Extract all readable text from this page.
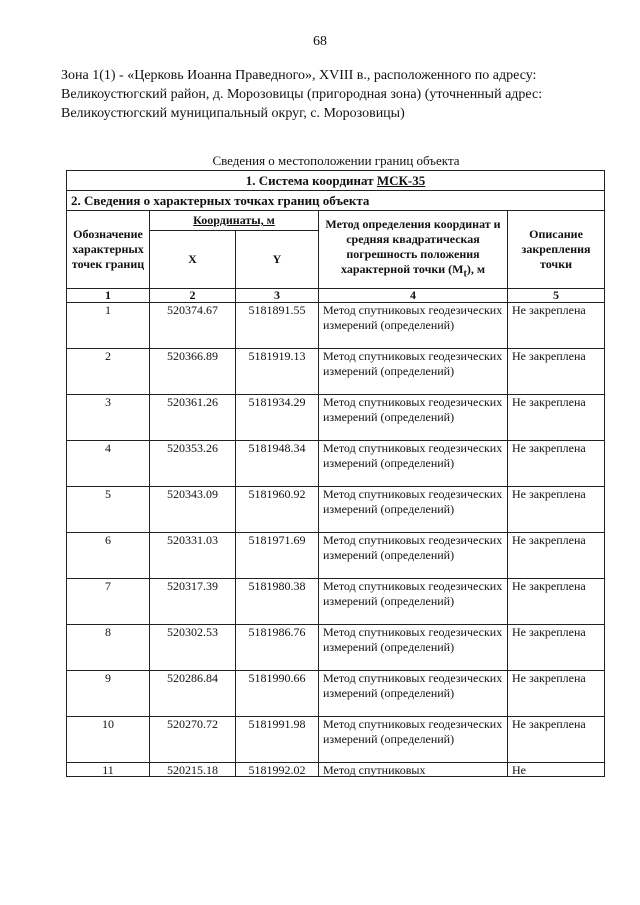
68
Зона 1(1) - «Церковь Иоанна Праведного», XVIII в., расположенного по адресу: Великоустюгский район, д. Морозовицы (пригородная зона) (уточненный адрес: Великоустюгский муниципальный округ, с. Морозовицы)
Сведения о местоположении границ объекта
1. Система координат МСК-35				
2. Сведения о характерных точках границ объекта				
Обозначение характерных точек границ	Координаты, м		Метод определения координат и средняя квадратическая погрешность положения характерной точки $(M_t)$, м	Описание закрепления точки
	X	Y		
1	2	3	4	5
1	520374.67	5181891.55	Метод спутниковых геодезических измерений (определений)	Не закреплена
2	520366.89	5181919.13	Метод спутниковых геодезических измерений (определений)	Не закреплена
3	520361.26	5181934.29	Метод спутниковых геодезических измерений (определений)	Не закреплена
4	520353.26	5181948.34	Метод спутниковых геодезических измерений (определений)	Не закреплена
5	520343.09	5181960.92	Метод спутниковых геодезических измерений (определений)	Не закреплена
6	520331.03	5181971.69	Метод спутниковых геодезических измерений (определений)	Не закреплена
7	520317.39	5181980.38	Метод спутниковых геодезических измерений (определений)	Не закреплена
8	520302.53	5181986.76	Метод спутниковых геодезических измерений (определений)	Не закреплена
9	520286.84	5181990.66	Метод спутниковых геодезических измерений (определений)	Не закреплена
10	520270.72	5181991.98	Метод спутниковых геодезических измерений (определений)	Не закреплена

11	520215.18	5181992.02	Метод спутниковых	Не
